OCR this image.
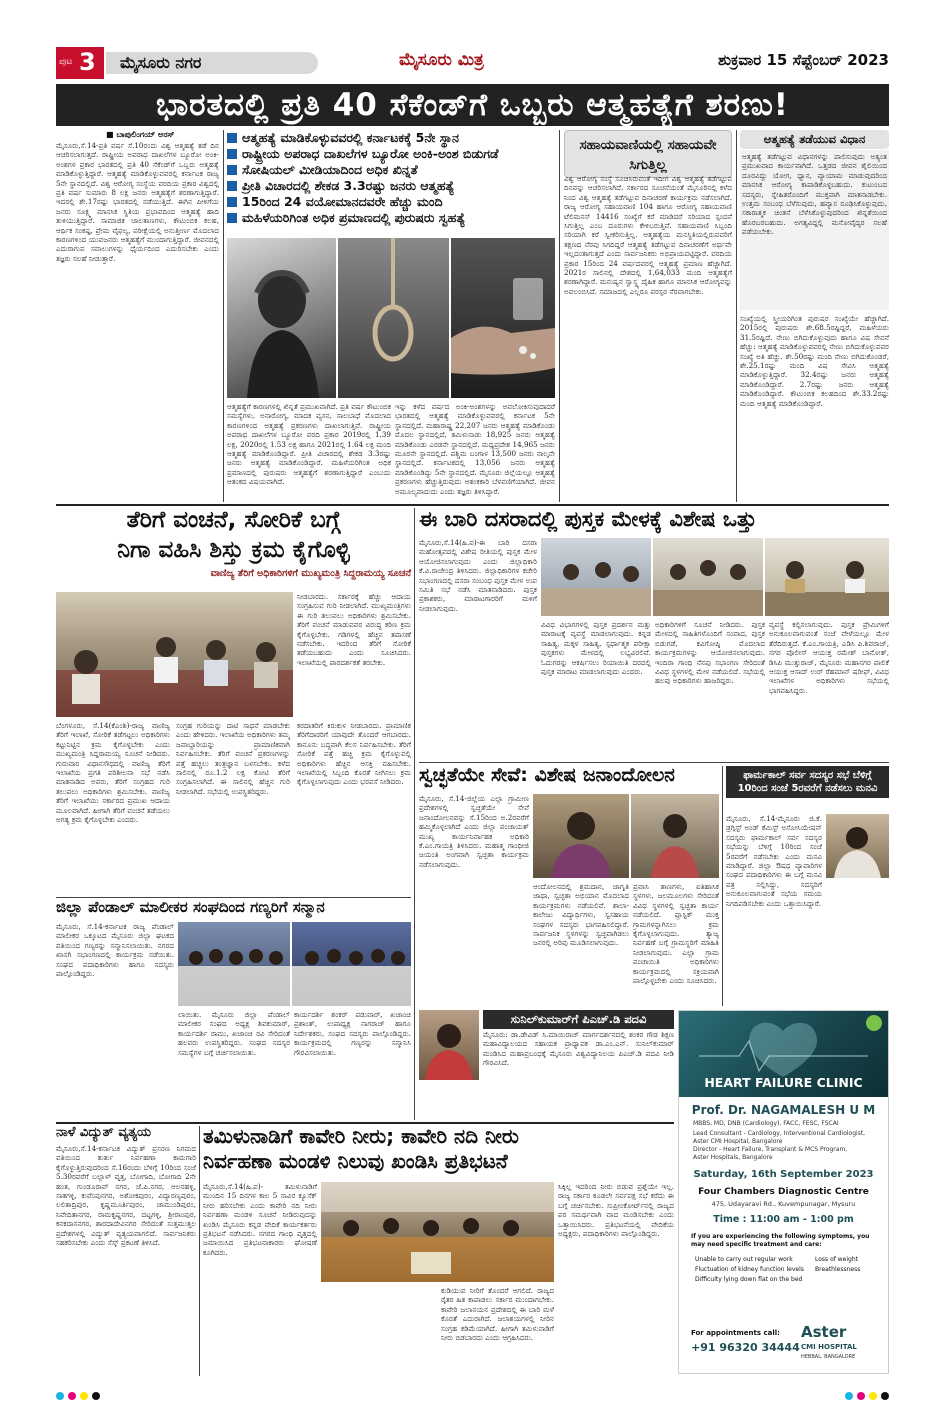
ಪುಟ 3 ಮೈಸೂರು ನಗರ	ಮೈಸೂರು ಮಿತ್ರ	ಶುಕ್ರವಾರ 15 ಸೆಪ್ಟೆಂಬರ್ 2023
ಭಾರತದಲ್ಲಿ ಪ್ರತಿ 40 ಸೆಕೆಂಡ್‌ಗೆ ಒಬ್ಬರು ಆತ್ಮಹತ್ಯೆಗೆ ಶರಣು!
■ ಬಾಪುಲಿಂಗಯ್ ಅರಸ್
ಮೈಸೂರು,ಸೆ.14-ಪ್ರತಿ ವರ್ಷ ಸೆ.10ರಂದು ವಿಶ್ವ ಆತ್ಮಹತ್ಯೆ ತಡೆ ದಿನ ಆಚರಿಸಲಾಗುತ್ತದೆ. ರಾಷ್ಟ್ರೀಯ ಅಪರಾಧ ದಾಖಲೆಗಳ ಬ್ಯೂರೋ ಅಂಕಿ-ಅಂಶಗಳ ಪ್ರಕಾರ ಭಾರತದಲ್ಲಿ ಪ್ರತಿ 40 ಸೆಕೆಂಡ್‌ಗೆ ಒಬ್ಬರು ಆತ್ಮಹತ್ಯೆ ಮಾಡಿಕೊಳ್ಳುತ್ತಿದ್ದಾರೆ. ಆತ್ಮಹತ್ಯೆ ಮಾಡಿಕೊಳ್ಳುವವರಲ್ಲಿ ಕರ್ನಾಟಕ ರಾಜ್ಯ 5ನೇ ಸ್ಥಾನದಲ್ಲಿದೆ. ವಿಶ್ವ ಆರೋಗ್ಯ ಸಂಸ್ಥೆಯ ವರದಿಯ ಪ್ರಕಾರ ವಿಶ್ವದಲ್ಲಿ ಪ್ರತಿ ವರ್ಷ ಸುಮಾರು 8 ಲಕ್ಷ ಜನರು ಆತ್ಮಹತ್ಯೆಗೆ ಶರಣಾಗುತ್ತಿದ್ದಾರೆ. ಇದರಲ್ಲಿ ಶೇ.17ರಷ್ಟು ಭಾರತದಲ್ಲಿ ನಡೆಯುತ್ತಿದೆ. ಈಗಿನ ಪೀಳಿಗೆಯ ಜನರು ಸೂಕ್ಷ್ಮ ಮಾನಸಿಕ ಸ್ಥಿತಿಯ ಪ್ರಭಾವದಿಂದ ಆತ್ಮಹತ್ಯೆ ಹಾದಿ ತುಳಿಯುತ್ತಿದ್ದಾರೆ. ಸಾಮಾಜಿಕ ಜಾಲತಾಣಗಳು, ಕೌಟುಂಬಿಕ ಕಲಹ, ಆರ್ಥಿಕ ಸಂಕಷ್ಟ, ಪ್ರೇಮ ವೈಫಲ್ಯ, ಪರೀಕ್ಷೆಯಲ್ಲಿ ಅನುತ್ತೀರ್ಣ ಮೊದಲಾದ ಕಾರಣಗಳಿಂದ ಯುವಜನರು ಆತ್ಮಹತ್ಯೆಗೆ ಮುಂದಾಗುತ್ತಿದ್ದಾರೆ. ಜೀವನದಲ್ಲಿ ಎದುರಾಗುವ ಸವಾಲುಗಳನ್ನು ಧೈರ್ಯದಿಂದ ಎದುರಿಸಬೇಕು ಎಂದು ತಜ್ಞರು ಸಲಹೆ ನೀಡುತ್ತಾರೆ.
ಆತ್ಮಹತ್ಯೆ ಮಾಡಿಕೊಳ್ಳುವವರಲ್ಲಿ ಕರ್ನಾಟಕಕ್ಕೆ 5ನೇ ಸ್ಥಾನ
ರಾಷ್ಟ್ರೀಯ ಅಪರಾಧ ದಾಖಲೆಗಳ ಬ್ಯೂರೋ ಅಂಕಿ-ಅಂಶ ಬಿಡುಗಡೆ
ಸೋಷಿಯಲ್ ಮೀಡಿಯಾದಿಂದ ಅಧಿಕ ಖಿನ್ನತೆ
ಪ್ರೀತಿ ವಿಚಾರದಲ್ಲಿ ಶೇಕಡ 3.3ರಷ್ಟು ಜನರು ಆತ್ಮಹತ್ಯೆ
15ರಿಂದ 24 ವಯೋಮಾನದವರೇ ಹೆಚ್ಚು ಮಂದಿ
ಮಹಿಳೆಯರಿಗಿಂತ ಅಧಿಕ ಪ್ರಮಾಣದಲ್ಲಿ ಪುರುಷರು ಸ್ವಹತ್ಯೆ
ಆತ್ಮಹತ್ಯೆಗೆ ಕಾರಣಗಳಲ್ಲಿ ಖಿನ್ನತೆ ಪ್ರಮುಖವಾಗಿದೆ. ಪ್ರತಿ ವರ್ಷ ಕೌಟುಂಬಿಕ ಸಮಸ್ಯೆಗಳು, ಅನಾರೋಗ್ಯ, ಮಾದಕ ವ್ಯಸನ, ಸಾಲಬಾಧೆ ಮೊದಲಾದ ಕಾರಣಗಳಿಂದ ಆತ್ಮಹತ್ಯೆ ಪ್ರಕರಣಗಳು ದಾಖಲಾಗುತ್ತಿವೆ. ರಾಷ್ಟ್ರೀಯ ಅಪರಾಧ ದಾಖಲೆಗಳ ಬ್ಯೂರೋ ವರದಿ ಪ್ರಕಾರ 2019ರಲ್ಲಿ 1.39 ಲಕ್ಷ, 2020ರಲ್ಲಿ 1.53 ಲಕ್ಷ ಹಾಗೂ 2021ರಲ್ಲಿ 1.64 ಲಕ್ಷ ಮಂದಿ ಆತ್ಮಹತ್ಯೆ ಮಾಡಿಕೊಂಡಿದ್ದಾರೆ. ಪ್ರೀತಿ ವಿಚಾರದಲ್ಲಿ ಶೇಕಡ 3.3ರಷ್ಟು ಜನರು ಆತ್ಮಹತ್ಯೆ ಮಾಡಿಕೊಂಡಿದ್ದಾರೆ. ಮಹಿಳೆಯರಿಗಿಂತ ಅಧಿಕ ಪ್ರಮಾಣದಲ್ಲಿ ಪುರುಷರು ಆತ್ಮಹತ್ಯೆಗೆ ಶರಣಾಗುತ್ತಿದ್ದಾರೆ ಎಂಬುದು ಆತಂಕದ ವಿಷಯವಾಗಿದೆ.
ಇನ್ನು ಕಳೆದ ವರ್ಷದ ಅಂಕಿ-ಅಂಶಗಳನ್ನು ಅವಲೋಕಿಸುವುದಾದರೆ ಭಾರತದಲ್ಲಿ ಆತ್ಮಹತ್ಯೆ ಮಾಡಿಕೊಳ್ಳುವವರಲ್ಲಿ ಕರ್ನಾಟಕ 5ನೇ ಸ್ಥಾನದಲ್ಲಿದೆ. ಮಹಾರಾಷ್ಟ್ರ 22,207 ಜನರು ಆತ್ಮಹತ್ಯೆ ಮಾಡಿಕೊಂಡು ಮೊದಲ ಸ್ಥಾನದಲ್ಲಿದೆ, ತಮಿಳುನಾಡು 18,925 ಜನರು ಆತ್ಮಹತ್ಯೆ ಮಾಡಿಕೊಂಡು ಎರಡನೇ ಸ್ಥಾನದಲ್ಲಿದೆ. ಮಧ್ಯಪ್ರದೇಶ 14,965 ಜನರು ಮೂರನೇ ಸ್ಥಾನದಲ್ಲಿದೆ. ಪಶ್ಚಿಮ ಬಂಗಾಳ 13,500 ಜನರು ನಾಲ್ಕನೇ ಸ್ಥಾನದಲ್ಲಿದೆ. ಕರ್ನಾಟಕದಲ್ಲಿ 13,056 ಜನರು ಆತ್ಮಹತ್ಯೆ ಮಾಡಿಕೊಂಡಿದ್ದು 5ನೇ ಸ್ಥಾನದಲ್ಲಿದೆ. ಮೈಸೂರು ಜಿಲ್ಲೆಯಲ್ಲೂ ಆತ್ಮಹತ್ಯೆ ಪ್ರಕರಣಗಳು ಹೆಚ್ಚುತ್ತಿರುವುದು ಆತಂಕಕಾರಿ ಬೆಳವಣಿಗೆಯಾಗಿದೆ. ಜೀವನ ಅಮೂಲ್ಯವಾದುದು ಎಂದು ತಜ್ಞರು ತಿಳಿಸಿದ್ದಾರೆ.
ಸಹಾಯವಾಣಿಯಲ್ಲಿ ಸಹಾಯವೇ ಸಿಗುತ್ತಿಲ್ಲ
ವಿಶ್ವ ಆರೋಗ್ಯ ಸಂಸ್ಥೆ ಸೂಚಿಸಿರುವಂತೆ ಇದೀಗ ವಿಶ್ವ ಆತ್ಮಹತ್ಯೆ ತಡೆಗಟ್ಟುವ ದಿನವನ್ನು ಆಚರಿಸಲಾಗಿದೆ. ಸರ್ಕಾರದ ಸೂಚನೆಯಂತೆ ಮೈಸೂರಿನಲ್ಲಿ ಕಳೆದ ನಿಂದ ವಿಶ್ವ ಆತ್ಮಹತ್ಯೆ ತಡೆಗಟ್ಟುವ ದಿನಾಚರಣೆ ಕಾರ್ಯಕ್ರಮ ನಡೆಸಲಾಗಿದೆ. ರಾಜ್ಯ ಆರೋಗ್ಯ ಸಹಾಯವಾಣಿ 104 ಹಾಗೂ ಆರೋಗ್ಯ ಸಹಾಯವಾಣಿ ಟೆಲಿಮನಸ್ 14416 ಸಂಖ್ಯೆಗೆ ಕರೆ ಮಾಡಿದರೆ ಸರಿಯಾದ ಸ್ಪಂದನೆ ಸಿಗುತ್ತಿಲ್ಲ ಎಂಬ ದೂರುಗಳು ಕೇಳಿಬರುತ್ತಿವೆ. ಸಹಾಯವಾಣಿ ಸಿಬ್ಬಂದಿ ಸರಿಯಾಗಿ ಕರೆ ಸ್ವೀಕರಿಸುತ್ತಿಲ್ಲ. ಆತ್ಮಹತ್ಯೆಯ ಮನಸ್ಥಿತಿಯಲ್ಲಿರುವವರಿಗೆ ತಕ್ಷಣದ ನೆರವು ಸಿಗದಿದ್ದರೆ ಆತ್ಮಹತ್ಯೆ ತಡೆಗಟ್ಟುವ ದಿನಾಚರಣೆಗೆ ಅರ್ಥವೇ ಇಲ್ಲದಂತಾಗುತ್ತದೆ ಎಂದು ಸಾರ್ವಜನಿಕರು ಅಭಿಪ್ರಾಯಪಟ್ಟಿದ್ದಾರೆ. ವರದಿಯ ಪ್ರಕಾರ 15ರಿಂದ 24 ವರ್ಷದವರಲ್ಲಿ ಆತ್ಮಹತ್ಯೆ ಪ್ರಮಾಣ ಹೆಚ್ಚಾಗಿದೆ. 2021ರ ಸಾಲಿನಲ್ಲಿ ದೇಶದಲ್ಲಿ 1,64,033 ಮಂದಿ ಆತ್ಮಹತ್ಯೆಗೆ ಶರಣಾಗಿದ್ದಾರೆ. ಮನುಷ್ಯನ ಸ್ವಾಸ್ಥ್ಯ ದೈಹಿಕ ಹಾಗೂ ಮಾನಸಿಕ ಆರೋಗ್ಯವನ್ನು ಅವಲಂಬಿಸಿದೆ. ಸಮಾಜದಲ್ಲಿ ಎಲ್ಲರೂ ಪರಸ್ಪರ ನೆರವಾಗಬೇಕು.
ಆತ್ಮಹತ್ಯೆ ತಡೆಯುವ ವಿಧಾನ
ಆತ್ಮಹತ್ಯೆ ತಡೆಗಟ್ಟುವ ವಿಧಾನಗಳನ್ನು ಪಾಲಿಸುವುದು ಅತ್ಯಂತ ಪ್ರಮುಖವಾದ ಕಾರ್ಯವಾಗಿದೆ. ಒತ್ತಡದ ಜೀವನ ಶೈಲಿಯಿಂದ ದೂರವಿದ್ದು ಯೋಗ, ಧ್ಯಾನ, ವ್ಯಾಯಾಮ ಮಾಡುವುದರಿಂದ ಮಾನಸಿಕ ಆರೋಗ್ಯ ಕಾಪಾಡಿಕೊಳ್ಳಬಹುದು. ಕುಟುಂಬದ ಸದಸ್ಯರು, ಸ್ನೇಹಿತರೊಂದಿಗೆ ಮುಕ್ತವಾಗಿ ಮಾತನಾಡಬೇಕು. ಉತ್ತಮ ಸಂಬಂಧ ಬೆಳೆಸುವುದು, ಹವ್ಯಾಸ ರೂಢಿಸಿಕೊಳ್ಳುವುದು, ಸಕಾರಾತ್ಮಕ ಚಿಂತನೆ ಬೆಳೆಸಿಕೊಳ್ಳುವುದರಿಂದ ಖಿನ್ನತೆಯಿಂದ ಹೊರಬರಬಹುದು. ಅಗತ್ಯವಿದ್ದಲ್ಲಿ ಮನೋವೈದ್ಯರ ಸಲಹೆ ಪಡೆಯಬೇಕು.
ಸಂಖ್ಯೆಯಲ್ಲಿ ಸ್ತ್ರೀಯರಿಗಿಂತ ಪುರುಷರ ಸಂಖ್ಯೆಯೇ ಹೆಚ್ಚಾಗಿದೆ. 2015ರಲ್ಲಿ ಪುರುಷರು ಶೇ.68.5ರಷ್ಟಿದ್ದರೆ, ಮಹಿಳೆಯರು 31.5ರಷ್ಟಿದೆ. ನೇಣು ಬಿಗಿದುಕೊಳ್ಳುವುದು ಹಾಗೂ ವಿಷ ಸೇವನೆ ಹೆಚ್ಚು: ಆತ್ಮಹತ್ಯೆ ಮಾಡಿಕೊಳ್ಳುವವರಲ್ಲಿ ನೇಣು ಬಿಗಿದುಕೊಳ್ಳುವವರ ಸಂಖ್ಯೆ ಅತಿ ಹೆಚ್ಚು. ಶೇ.50ರಷ್ಟು ಮಂದಿ ನೇಣು ಬಿಗಿದುಕೊಂಡರೆ, ಶೇ.25.1ರಷ್ಟು ಮಂದಿ ವಿಷ ಸೇವಿಸಿ ಆತ್ಮಹತ್ಯೆ ಮಾಡಿಕೊಳ್ಳುತ್ತಿದ್ದಾರೆ. 32.4ರಷ್ಟು ಜನರು ಆತ್ಮಹತ್ಯೆ ಮಾಡಿಕೊಂಡಿದ್ದಾರೆ. 2.7ರಷ್ಟು ಜನರು ಆತ್ಮಹತ್ಯೆ ಮಾಡಿಕೊಂಡಿದ್ದಾರೆ. ಕೌಟುಂಬಿಕ ಕಲಹದಿಂದ ಶೇ.33.2ರಷ್ಟು ಮಂದಿ ಆತ್ಮಹತ್ಯೆ ಮಾಡಿಕೊಂಡಿದ್ದಾರೆ.
ತೆರಿಗೆ ವಂಚನೆ, ಸೋರಿಕೆ ಬಗ್ಗೆ
ನಿಗಾ ವಹಿಸಿ ಶಿಸ್ತು ಕ್ರಮ ಕೈಗೊಳ್ಳಿ
ವಾಣಿಜ್ಯ ತೆರಿಗೆ ಅಧಿಕಾರಿಗಳಿಗೆ ಮುಖ್ಯಮಂತ್ರಿ ಸಿದ್ದರಾಮಯ್ಯ ಸೂಚನೆ
ನೀಡಬಾರದು. ಸರ್ಕಾರಕ್ಕೆ ಹೆಚ್ಚು ಆದಾಯ ಸಂಗ್ರಹಿಸುವ ಗುರಿ ನೀಡಲಾಗಿದೆ. ಮುಖ್ಯಮಂತ್ರಿಗಳು ಈ ಗುರಿ ತಲುಪಲು ಅಧಿಕಾರಿಗಳು ಶ್ರಮಿಸಬೇಕು. ತೆರಿಗೆ ವಂಚನೆ ಮಾಡುವವರ ವಿರುದ್ಧ ಕಠಿಣ ಕ್ರಮ ಕೈಗೊಳ್ಳಬೇಕು. ಗಡಿಗಳಲ್ಲಿ ಹೆಚ್ಚಿನ ತಪಾಸಣೆ ನಡೆಸಬೇಕು. ಇದರಿಂದ ತೆರಿಗೆ ಸೋರಿಕೆ ತಡೆಯಬಹುದು ಎಂದು ಸೂಚಿಸಿದರು. ಇಲಾಖೆಯಲ್ಲಿ ಪಾರದರ್ಶಕತೆ ತರಬೇಕು.
ಬೆಂಗಳೂರು, ಸೆ.14(ಕೆಎಂಶಿ)-ರಾಜ್ಯ ವಾಣಿಜ್ಯ ತೆರಿಗೆ ಇಲಾಖೆ, ಸೋರಿಕೆ ತಡೆಗಟ್ಟಲು ಅಧಿಕಾರಿಗಳು ಕಟ್ಟುನಿಟ್ಟಿನ ಕ್ರಮ ಕೈಗೊಳ್ಳಬೇಕು ಎಂದು ಮುಖ್ಯಮಂತ್ರಿ ಸಿದ್ದರಾಮಯ್ಯ ಸೂಚನೆ ನೀಡಿದರು. ಗುರುವಾರ ವಿಧಾನಸೌಧದಲ್ಲಿ ವಾಣಿಜ್ಯ ತೆರಿಗೆ ಇಲಾಖೆಯ ಪ್ರಗತಿ ಪರಿಶೀಲನಾ ಸಭೆ ನಡೆಸಿ ಮಾತನಾಡಿದ ಅವರು, ತೆರಿಗೆ ಸಂಗ್ರಹದ ಗುರಿ ತಲುಪಲು ಅಧಿಕಾರಿಗಳು ಶ್ರಮಿಸಬೇಕು. ವಾಣಿಜ್ಯ ತೆರಿಗೆ ಇಲಾಖೆಯು ಸರ್ಕಾರದ ಪ್ರಮುಖ ಆದಾಯ ಮೂಲವಾಗಿದೆ. ಹೀಗಾಗಿ ತೆರಿಗೆ ವಂಚನೆ ತಡೆಯಲು ಅಗತ್ಯ ಕ್ರಮ ಕೈಗೊಳ್ಳಬೇಕು ಎಂದರು.
ಸಂಗ್ರಹ ಗುರಿಯನ್ನು ದಾಟಿ ಸಾಧನೆ ಮಾಡಬೇಕು ಎಂದು ಹೇಳಿದರು. ಇಲಾಖೆಯ ಅಧಿಕಾರಿಗಳು ತಮ್ಮ ಜವಾಬ್ದಾರಿಯನ್ನು ಪ್ರಾಮಾಣಿಕವಾಗಿ ನಿರ್ವಹಿಸಬೇಕು. ತೆರಿಗೆ ವಂಚನೆ ಪ್ರಕರಣಗಳನ್ನು ಪತ್ತೆ ಹಚ್ಚಲು ತಂತ್ರಜ್ಞಾನ ಬಳಸಬೇಕು. ಕಳೆದ ಸಾಲಿನಲ್ಲಿ ರೂ.1.2 ಲಕ್ಷ ಕೋಟಿ ತೆರಿಗೆ ಸಂಗ್ರಹಿಸಲಾಗಿದೆ. ಈ ಸಾಲಿನಲ್ಲಿ ಹೆಚ್ಚಿನ ಗುರಿ ನೀಡಲಾಗಿದೆ. ಸಭೆಯಲ್ಲಿ ಉಪಸ್ಥಿತರಿದ್ದರು.
ಕರದಾತರಿಗೆ ಕಿರುಕುಳ ನೀಡಬಾರದು. ಪ್ರಾಮಾಣಿಕ ತೆರಿಗೆದಾರರಿಗೆ ಯಾವುದೇ ತೊಂದರೆ ಆಗಬಾರದು. ಕಾನೂನು ಬದ್ಧವಾಗಿ ಕೆಲಸ ನಿರ್ವಹಿಸಬೇಕು. ತೆರಿಗೆ ಸೋರಿಕೆ ಪತ್ತೆ ಹಚ್ಚಿ ಕ್ರಮ ಕೈಗೊಳ್ಳುವಲ್ಲಿ ಅಧಿಕಾರಿಗಳು ಹೆಚ್ಚಿನ ಆಸಕ್ತಿ ವಹಿಸಬೇಕು. ಇಲಾಖೆಯಲ್ಲಿ ಸಿಬ್ಬಂದಿ ಕೊರತೆ ನೀಗಿಸಲು ಕ್ರಮ ಕೈಗೊಳ್ಳಲಾಗುವುದು ಎಂದು ಭರವಸೆ ನೀಡಿದರು.
ಈ ಬಾರಿ ದಸರಾದಲ್ಲಿ ಪುಸ್ತಕ ಮೇಳಕ್ಕೆ ವಿಶೇಷ ಒತ್ತು
ಮೈಸೂರು,ಸೆ.14(ಹಿ.ಪ)-ಈ ಬಾರಿ ದಸರಾ ಮಹೋತ್ಸವದಲ್ಲಿ ವಿಶೇಷ ರೀತಿಯಲ್ಲಿ ಪುಸ್ತಕ ಮೇಳ ಆಯೋಜಿಸಲಾಗುವುದು ಎಂದು ಜಿಲ್ಲಾಧಿಕಾರಿ ಕೆ.ವಿ.ರಾಜೇಂದ್ರ ತಿಳಿಸಿದರು. ಜಿಲ್ಲಾಧಿಕಾರಿಗಳ ಕಚೇರಿ ಸಭಾಂಗಣದಲ್ಲಿ ದಸರಾ ಸಂಬಂಧ ಪುಸ್ತಕ ಮೇಳ ಉಪ ಸಮಿತಿ ಸಭೆ ನಡೆಸಿ ಮಾತನಾಡಿದರು. ಪುಸ್ತಕ ಪ್ರಕಾಶಕರು, ಮಾರಾಟಗಾರರಿಗೆ ಮಳಿಗೆ ನೀಡಲಾಗುವುದು.
ವಿವಿಧ ವಿಭಾಗಗಳಲ್ಲಿ ಪುಸ್ತಕ ಪ್ರದರ್ಶನ ಮತ್ತು ಮಾರಾಟಕ್ಕೆ ವ್ಯವಸ್ಥೆ ಮಾಡಲಾಗುವುದು. ಕನ್ನಡ ಸಾಹಿತ್ಯ, ಮಕ್ಕಳ ಸಾಹಿತ್ಯ, ಸ್ಪರ್ಧಾತ್ಮಕ ಪರೀಕ್ಷಾ ಪುಸ್ತಕಗಳು ಮೇಳದಲ್ಲಿ ಲಭ್ಯವಿರಲಿವೆ. ಓದುಗರನ್ನು ಆಕರ್ಷಿಸಲು ರಿಯಾಯಿತಿ ದರದಲ್ಲಿ ಪುಸ್ತಕ ಮಾರಾಟ ಮಾಡಲಾಗುವುದು ಎಂದರು.
ಅಧಿಕಾರಿಗಳಿಗೆ ಸೂಚನೆ ನೀಡಿದರು. ಪುಸ್ತಕ ಮೇಳದಲ್ಲಿ ಸಾಹಿತಿಗಳೊಂದಿಗೆ ಸಂವಾದ, ಪುಸ್ತಕ ಬಿಡುಗಡೆ, ಕವಿಗೋಷ್ಠಿ ಮೊದಲಾದ ಕಾರ್ಯಕ್ರಮಗಳನ್ನು ಆಯೋಜಿಸಲಾಗುವುದು. ಇಂದಿರಾ ಗಾಂಧಿ ನೆನಪು ಸಭಾಂಗಣ ಸೇರಿದಂತೆ ವಿವಿಧ ಸ್ಥಳಗಳಲ್ಲಿ ಮೇಳ ನಡೆಯಲಿದೆ. ಸಭೆಯಲ್ಲಿ ಹಲವು ಅಧಿಕಾರಿಗಳು ಹಾಜರಿದ್ದರು.
ವ್ಯವಸ್ಥೆ ಕಲ್ಪಿಸಲಾಗುವುದು. ಪುಸ್ತಕ ಪ್ರೇಮಿಗಳಿಗೆ ಅನುಕೂಲವಾಗುವಂತೆ ಸಂಜೆ ವೇಳೆಯಲ್ಲೂ ಮೇಳ ತೆರೆದಿರುತ್ತದೆ. ಕೆ.ಎಂ.ಗಾಯತ್ರಿ, ಎಡಿಸಿ ಪಿ.ಶಿವರಾಜ್, ನಗರ ಪೊಲೀಸ್ ಆಯುಕ್ತ ರಮೇಶ್ ಬಾನೋತ್, ಡಿಸಿಪಿ ಮುತ್ತುರಾಜ್, ಮೈಸೂರು ಮಹಾನಗರ ಪಾಲಿಕೆ ಆಯುಕ್ತ ಆಸಾದ್ ಉರ್ ರೆಹಮಾನ್ ಷರೀಫ್, ವಿವಿಧ ಇಲಾಖೆಗಳ ಅಧಿಕಾರಿಗಳು ಸಭೆಯಲ್ಲಿ ಭಾಗವಹಿಸಿದ್ದರು.
ಸ್ವಚ್ಛತೆಯೇ ಸೇವೆ: ವಿಶೇಷ ಜನಾಂದೋಲನ
ಮೈಸೂರು, ಸೆ.14-ಜಿಲ್ಲೆಯ ಎಲ್ಲಾ ಗ್ರಾಮೀಣ ಪ್ರದೇಶಗಳಲ್ಲಿ ಸ್ವಚ್ಛತೆಯೇ ಸೇವೆ ಜನಾಂದೋಲನವನ್ನು ಸೆ.15ರಿಂದ ಅ.2ರವರೆಗೆ ಹಮ್ಮಿಕೊಳ್ಳಲಾಗಿದೆ ಎಂದು ಜಿಲ್ಲಾ ಪಂಚಾಯತ್ ಮುಖ್ಯ ಕಾರ್ಯನಿರ್ವಾಹಕ ಅಧಿಕಾರಿ ಕೆ.ಎಂ.ಗಾಯತ್ರಿ ತಿಳಿಸಿದರು. ಮಹಾತ್ಮ ಗಾಂಧೀಜಿ ಜಯಂತಿ ಅಂಗವಾಗಿ ಸ್ವಚ್ಛತಾ ಕಾರ್ಯಕ್ರಮ ನಡೆಸಲಾಗುವುದು.
ಆಂದೋಲನದಲ್ಲಿ ಶ್ರಮದಾನ, ಜಾಗೃತಿ ಜಾಥಾ, ಸ್ವಚ್ಛತಾ ಅಭಿಯಾನ ಮೊದಲಾದ ಕಾರ್ಯಕ್ರಮಗಳು ನಡೆಯಲಿವೆ. ಶಾಲಾ-ಕಾಲೇಜು ವಿದ್ಯಾರ್ಥಿಗಳು, ಸ್ವಸಹಾಯ ಸಂಘಗಳ ಸದಸ್ಯರು ಭಾಗವಹಿಸಲಿದ್ದಾರೆ. ಸಾರ್ವಜನಿಕ ಸ್ಥಳಗಳನ್ನು ಸ್ವಚ್ಛವಾಗಿಡಲು ಜನರಲ್ಲಿ ಅರಿವು ಮೂಡಿಸಲಾಗುವುದು.
ಪ್ರವಾಸಿ ತಾಣಗಳು, ಐತಿಹಾಸಿಕ ಸ್ಥಳಗಳು, ಜಲಮೂಲಗಳು ಸೇರಿದಂತೆ ವಿವಿಧ ಸ್ಥಳಗಳಲ್ಲಿ ಸ್ವಚ್ಛತಾ ಕಾರ್ಯ ನಡೆಯಲಿದೆ. ಪ್ಲಾಸ್ಟಿಕ್ ಮುಕ್ತ ಗ್ರಾಮಗಳನ್ನಾಗಿಸಲು ಕ್ರಮ ಕೈಗೊಳ್ಳಲಾಗುವುದು. ತ್ಯಾಜ್ಯ ನಿರ್ವಹಣೆ ಬಗ್ಗೆ ಗ್ರಾಮಸ್ಥರಿಗೆ ಮಾಹಿತಿ ನೀಡಲಾಗುವುದು. ಎಲ್ಲಾ ಗ್ರಾಮ ಪಂಚಾಯಿತಿ ಅಧಿಕಾರಿಗಳು ಕಾರ್ಯಕ್ರಮದಲ್ಲಿ ಸಕ್ರಿಯವಾಗಿ ಪಾಲ್ಗೊಳ್ಳಬೇಕು ಎಂದು ಸೂಚಿಸಿದರು.
ಫಾರ್ಮಕಾಲ್ ಸರ್ವ ಸದಸ್ಯರ ಸಭೆ ಬೆಳಿಗ್ಗೆ 10ರಿಂದ ಸಂಜೆ 5ರವರೆಗೆ ನಡೆಸಲು ಮನವಿ
ಮೈಸೂರು, ಸೆ.14-ಮೈಸೂರು ಜಿ.ಕೆ. ಡ್ರಗ್ಗಿಸ್ಟ್ ಅಂಡ್ ಕೆಮಿಸ್ಟ್ ಅಸೋಸಿಯೇಷನ್ ಸದಸ್ಯರು ಫಾರ್ಮಕಾಲ್ ಸರ್ವ ಸದಸ್ಯರ ಸಭೆಯನ್ನು ಬೆಳಿಗ್ಗೆ 10ರಿಂದ ಸಂಜೆ 5ರವರೆಗೆ ನಡೆಸಬೇಕು ಎಂದು ಮನವಿ ಮಾಡಿದ್ದಾರೆ. ಜಿಲ್ಲಾ ಔಷಧ ವ್ಯಾಪಾರಿಗಳ ಸಂಘದ ಪದಾಧಿಕಾರಿಗಳು ಈ ಬಗ್ಗೆ ಮನವಿ ಪತ್ರ ಸಲ್ಲಿಸಿದ್ದು, ಸದಸ್ಯರಿಗೆ ಅನುಕೂಲವಾಗುವಂತೆ ಸಭೆಯ ಸಮಯ ನಿಗದಿಪಡಿಸಬೇಕು ಎಂದು ಒತ್ತಾಯಿಸಿದ್ದಾರೆ.
ಜಿಲ್ಲಾ ಪೆಂಡಾಲ್ ಮಾಲೀಕರ ಸಂಘದಿಂದ ಗಣ್ಯರಿಗೆ ಸನ್ಮಾನ
ಮೈಸೂರು, ಸೆ.14-ಕರ್ನಾಟಕ ರಾಜ್ಯ ಪೆಂಡಾಲ್ ಮಾಲೀಕರ ಒಕ್ಕೂಟದ ಮೈಸೂರು ಜಿಲ್ಲಾ ಘಟಕದ ವತಿಯಿಂದ ಗಣ್ಯರನ್ನು ಸನ್ಮಾನಿಸಲಾಯಿತು. ನಗರದ ಖಾಸಗಿ ಸಭಾಂಗಣದಲ್ಲಿ ಕಾರ್ಯಕ್ರಮ ನಡೆಯಿತು. ಸಂಘದ ಪದಾಧಿಕಾರಿಗಳು ಹಾಗೂ ಸದಸ್ಯರು ಪಾಲ್ಗೊಂಡಿದ್ದರು.
ಲಾಯಿತು. ಮೈಸೂರು ಜಿಲ್ಲಾ ಪೆಂಡಾಲ್ ಮಾಲೀಕರ ಸಂಘದ ಅಧ್ಯಕ್ಷ ಶಿವಕುಮಾರ್, ಕಾರ್ಯದರ್ಶಿ ರಾಮು, ಖಜಾಂಚಿ ರವಿ ಸೇರಿದಂತೆ ಹಲವರು ಉಪಸ್ಥಿತರಿದ್ದರು. ಸಂಘದ ಸದಸ್ಯರ ಸಮಸ್ಯೆಗಳ ಬಗ್ಗೆ ಚರ್ಚಿಸಲಾಯಿತು.
ಕಾರ್ಯದರ್ಶಿ ಶಂಕರ್ ಪಡುವಾರ್, ಖಜಾಂಚಿ ಪ್ರಶಾಂತ್, ಉಪಾಧ್ಯಕ್ಷ ನಾಗರಾಜ್ ಹಾಗೂ ನಿರ್ದೇಶಕರು, ಸಂಘದ ಸದಸ್ಯರು ಪಾಲ್ಗೊಂಡಿದ್ದರು. ಕಾರ್ಯಕ್ರಮದಲ್ಲಿ ಗಣ್ಯರನ್ನು ಸನ್ಮಾನಿಸಿ ಗೌರವಿಸಲಾಯಿತು.
ಸುನಿಲ್‌ಕುಮಾರ್‌ಗೆ ಪಿಎಚ್.ಡಿ ಪದವಿ
ಮೈಸೂರು: ಡಾ.ಡೇವಿಡ್ ಸಿ.ಮಾಯಿರಾಜ್ ಮಾರ್ಗದರ್ಶನದಲ್ಲಿ ಶಂಕರ ಗೌಡ ಶಿಕ್ಷಣ ಮಹಾವಿದ್ಯಾಲಯದ ಸಹಾಯಕ ಪ್ರಾಧ್ಯಾಪಕ ಡಾ.ಎಂ.ಎನ್. ಸುನಿಲ್‌ಕುಮಾರ್ ಮಂಡಿಸಿದ ಮಹಾಪ್ರಬಂಧಕ್ಕೆ ಮೈಸೂರು ವಿಶ್ವವಿದ್ಯಾನಿಲಯ ಪಿಎಚ್.ಡಿ ಪದವಿ ನೀಡಿ ಗೌರವಿಸಿದೆ.
HEART FAILURE CLINIC
Prof. Dr. NAGAMALESH U M
MBBS, MD, DNB (Cardiology), FACC, FESC, FSCAI
Lead Consultant - Cardiology, Interventional Cardiologist,
Aster CMI Hospital, Bangalore
Director - Heart Failure, Transplant & MCS Program,
Aster Hospitals, Bangalore
Saturday, 16th September 2023
Four Chambers Diagnostic Centre
475, Udayaravi Rd., Kuvempunagar, Mysuru
Time : 11:00 am - 1:00 pm
If you are experiencing the following symptoms, you may need specific treatment and care:
Unable to carry out regular work
Fluctuation of kidney function levels
Difficulty lying down flat on the bed
Loss of weight
Breathlessness
For appointments call:
+91 96320 34444
Aster
CMI HOSPITAL
HEBBAL, BANGALORE
ನಾಳೆ ವಿದ್ಯುತ್ ವ್ಯತ್ಯಯ
ಮೈಸೂರು,ಸೆ.14-ಕರ್ನಾಟಕ ವಿದ್ಯುತ್ ಪ್ರಸರಣ ನಿಗಮದ ವತಿಯಿಂದ ತುರ್ತು ನಿರ್ವಹಣಾ ಕಾಮಗಾರಿ ಕೈಗೊಳ್ಳುತ್ತಿರುವುದರಿಂದ ಸೆ.16ರಂದು ಬೆಳಿಗ್ಗೆ 10ರಿಂದ ಸಂಜೆ 5.30ರವರೆಗೆ ಬಲ್ಲಾಳ್ ವೃತ್ತ, ಬೋಗಾದಿ, ಬೋಗಾದಿ 2ನೇ ಹಂತ, ಗುಂಡೂರಾವ್ ನಗರ, ಜೆ.ಪಿ.ನಗರ, ಆಲನಹಳ್ಳಿ, ಸಾತಗಳ್ಳಿ, ಕುವೆಂಪುನಗರ, ಅಶೋಕಪುರಂ, ವಿದ್ಯಾರಣ್ಯಪುರಂ, ಲಲಿತಾದ್ರಿಪುರ, ಕೃಷ್ಣಮೂರ್ತಿಪುರಂ, ಚಾಮುಂಡಿಪುರಂ, ನಿವೇದಿತಾನಗರ, ರಾಮಕೃಷ್ಣನಗರ, ದಟ್ಟಗಳ್ಳಿ, ಶ್ರೀರಾಂಪುರ, ಕನಕದಾಸನಗರ, ಶಾರದಾದೇವಿನಗರ ಸೇರಿದಂತೆ ಸುತ್ತಮುತ್ತಲ ಪ್ರದೇಶಗಳಲ್ಲಿ ವಿದ್ಯುತ್ ವ್ಯತ್ಯಯವಾಗಲಿದೆ. ಸಾರ್ವಜನಿಕರು ಸಹಕರಿಸಬೇಕು ಎಂದು ಸೆಸ್ಕ್ ಪ್ರಕಟಣೆ ತಿಳಿಸಿದೆ.
ತಮಿಳುನಾಡಿಗೆ ಕಾವೇರಿ ನೀರು; ಕಾವೇರಿ ನದಿ ನೀರು
ನಿರ್ವಹಣಾ ಮಂಡಳಿ ನಿಲುವು ಖಂಡಿಸಿ ಪ್ರತಿಭಟನೆ
ಮೈಸೂರು,ಸೆ.14(ಹಿ.ಪ)- ತಮಿಳುನಾಡಿಗೆ ಮುಂದಿನ 15 ದಿನಗಳ ಕಾಲ 5 ಸಾವಿರ ಕ್ಯೂಸೆಕ್ ನೀರು ಹರಿಸಬೇಕು ಎಂದು ಕಾವೇರಿ ನದಿ ನೀರು ನಿರ್ವಹಣಾ ಮಂಡಳಿ ಸೂಚನೆ ನೀಡಿರುವುದನ್ನು ಖಂಡಿಸಿ ಮೈಸೂರು ಕನ್ನಡ ವೇದಿಕೆ ಕಾರ್ಯಕರ್ತರು ಪ್ರತಿಭಟನೆ ನಡೆಸಿದರು. ನಗರದ ಗಾಂಧಿ ವೃತ್ತದಲ್ಲಿ ಜಮಾಯಿಸಿದ ಪ್ರತಿಭಟನಾಕಾರರು ಘೋಷಣೆ ಕೂಗಿದರು.
ಕುಡಿಯುವ ನೀರಿಗೆ ತೊಂದರೆ ಆಗಲಿದೆ. ರಾಜ್ಯದ ರೈತರ ಹಿತ ಕಾಪಾಡಲು ಸರ್ಕಾರ ಮುಂದಾಗಬೇಕು. ಕಾವೇರಿ ಜಲಾನಯನ ಪ್ರದೇಶದಲ್ಲಿ ಈ ಬಾರಿ ಮಳೆ ಕೊರತೆ ಎದುರಾಗಿದೆ. ಜಲಾಶಯಗಳಲ್ಲಿ ನೀರಿನ ಸಂಗ್ರಹ ಕಡಿಮೆಯಾಗಿದೆ. ಹೀಗಾಗಿ ತಮಿಳುನಾಡಿಗೆ ನೀರು ಬಿಡಬಾರದು ಎಂದು ಆಗ್ರಹಿಸಿದರು.
ಸಿಕ್ಕಿಲ್ಲ ಇದರಿಂದ ನೀರು ಬಿಡುವ ಪ್ರಶ್ನೆಯೇ ಇಲ್ಲ. ರಾಜ್ಯ ಸರ್ಕಾರ ಕೂಡಲೇ ಸರ್ವಪಕ್ಷ ಸಭೆ ಕರೆದು ಈ ಬಗ್ಗೆ ಚರ್ಚಿಸಬೇಕು. ಸುಪ್ರೀಂಕೋರ್ಟ್‌ನಲ್ಲಿ ರಾಜ್ಯದ ಪರ ಸಮರ್ಥವಾಗಿ ವಾದ ಮಂಡಿಸಬೇಕು ಎಂದು ಒತ್ತಾಯಿಸಿದರು. ಪ್ರತಿಭಟನೆಯಲ್ಲಿ ವೇದಿಕೆಯ ಅಧ್ಯಕ್ಷರು, ಪದಾಧಿಕಾರಿಗಳು ಪಾಲ್ಗೊಂಡಿದ್ದರು.
